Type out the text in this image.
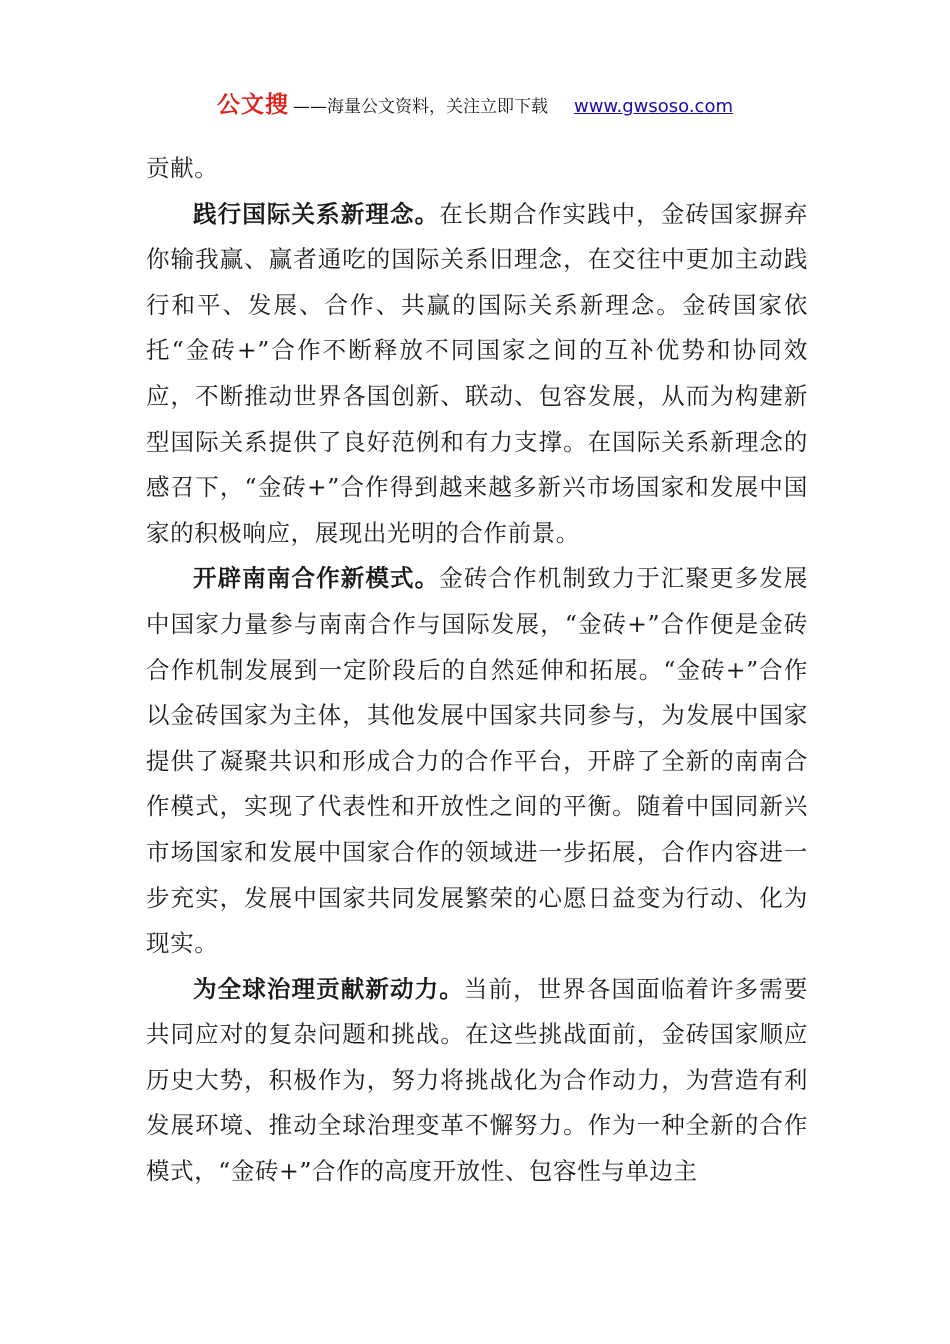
公文搜 ——海量公文资料，关注立即下载 www.gwsoso.com

贡献。

践行国际关系新理念。在长期合作实践中，金砖国家摒弃你输我赢、赢者通吃的国际关系旧理念，在交往中更加主动践行和平、发展、合作、共赢的国际关系新理念。金砖国家依托“金砖+”合作不断释放不同国家之间的互补优势和协同效应，不断推动世界各国创新、联动、包容发展，从而为构建新型国际关系提供了良好范例和有力支撑。在国际关系新理念的感召下，“金砖+”合作得到越来越多新兴市场国家和发展中国家的积极响应，展现出光明的合作前景。

开辟南南合作新模式。金砖合作机制致力于汇聚更多发展中国家力量参与南南合作与国际发展，“金砖+”合作便是金砖合作机制发展到一定阶段后的自然延伸和拓展。“金砖+”合作以金砖国家为主体，其他发展中国家共同参与，为发展中国家提供了凝聚共识和形成合力的合作平台，开辟了全新的南南合作模式，实现了代表性和开放性之间的平衡。随着中国同新兴市场国家和发展中国家合作的领域进一步拓展，合作内容进一步充实，发展中国家共同发展繁荣的心愿日益变为行动、化为现实。

为全球治理贡献新动力。当前，世界各国面临着许多需要共同应对的复杂问题和挑战。在这些挑战面前，金砖国家顺应历史大势，积极作为，努力将挑战化为合作动力，为营造有利发展环境、推动全球治理变革不懈努力。作为一种全新的合作模式，“金砖+”合作的高度开放性、包容性与单边主
